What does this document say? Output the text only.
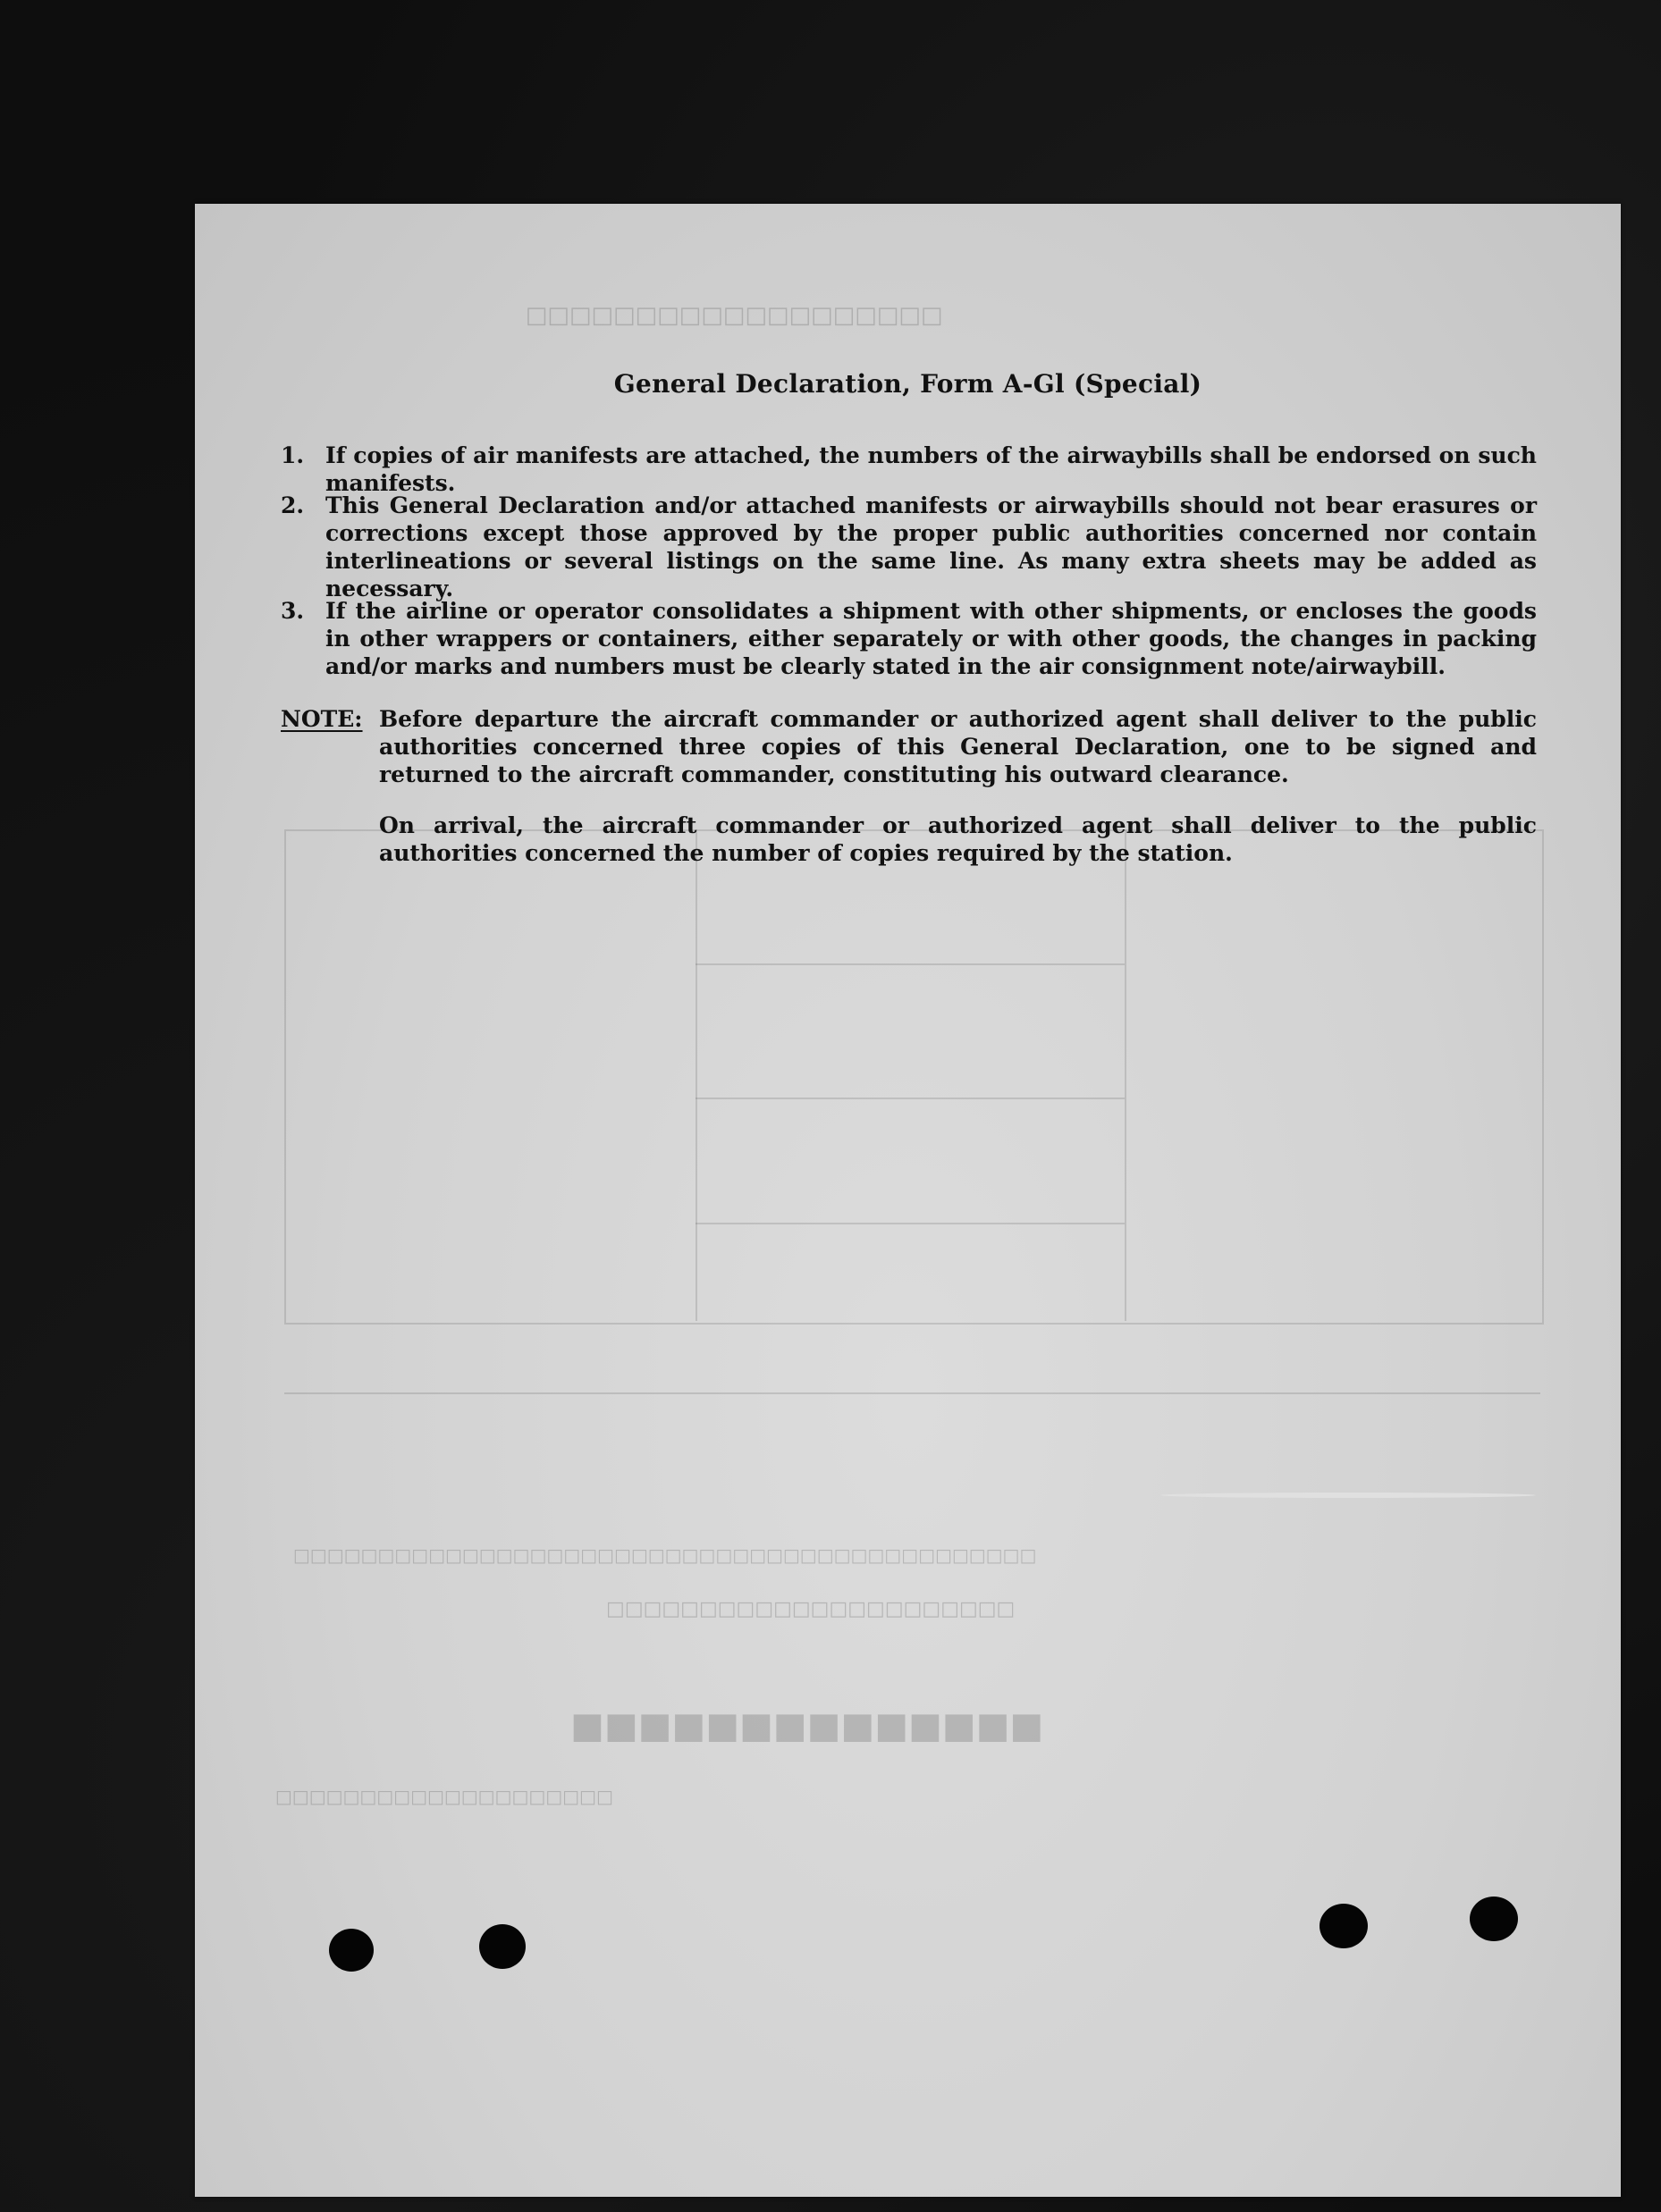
□□□□□□□□□□□□□□□□□□□
■■■■■■■■■■■■■■
□□□□□□□□□□□□□□□□□□□□□□
□□□□□□□□□□□□□□□□□□□□□□□□□□□□□□□□□□□□□□□□□□□□
□□□□□□□□□□□□□□□□□□□□
General Declaration, Form A-Gl (Special)
1. If copies of air manifests are attached, the numbers of the airwaybills shall be endorsed on such manifests.
2. This General Declaration and/or attached manifests or airwaybills should not bear erasures or corrections except those approved by the proper public authorities concerned nor contain interlineations or several listings on the same line. As many extra sheets may be added as necessary.
3. If the airline or operator consolidates a shipment with other shipments, or encloses the goods in other wrappers or containers, either separately or with other goods, the changes in packing and/or marks and numbers must be clearly stated in the air consignment note/airwaybill.
NOTE: Before departure the aircraft commander or authorized agent shall deliver to the public authorities concerned three copies of this General Declaration, one to be signed and returned to the aircraft commander, constituting his outward clearance.
On arrival, the aircraft commander or authorized agent shall deliver to the public authorities concerned the number of copies required by the station.
